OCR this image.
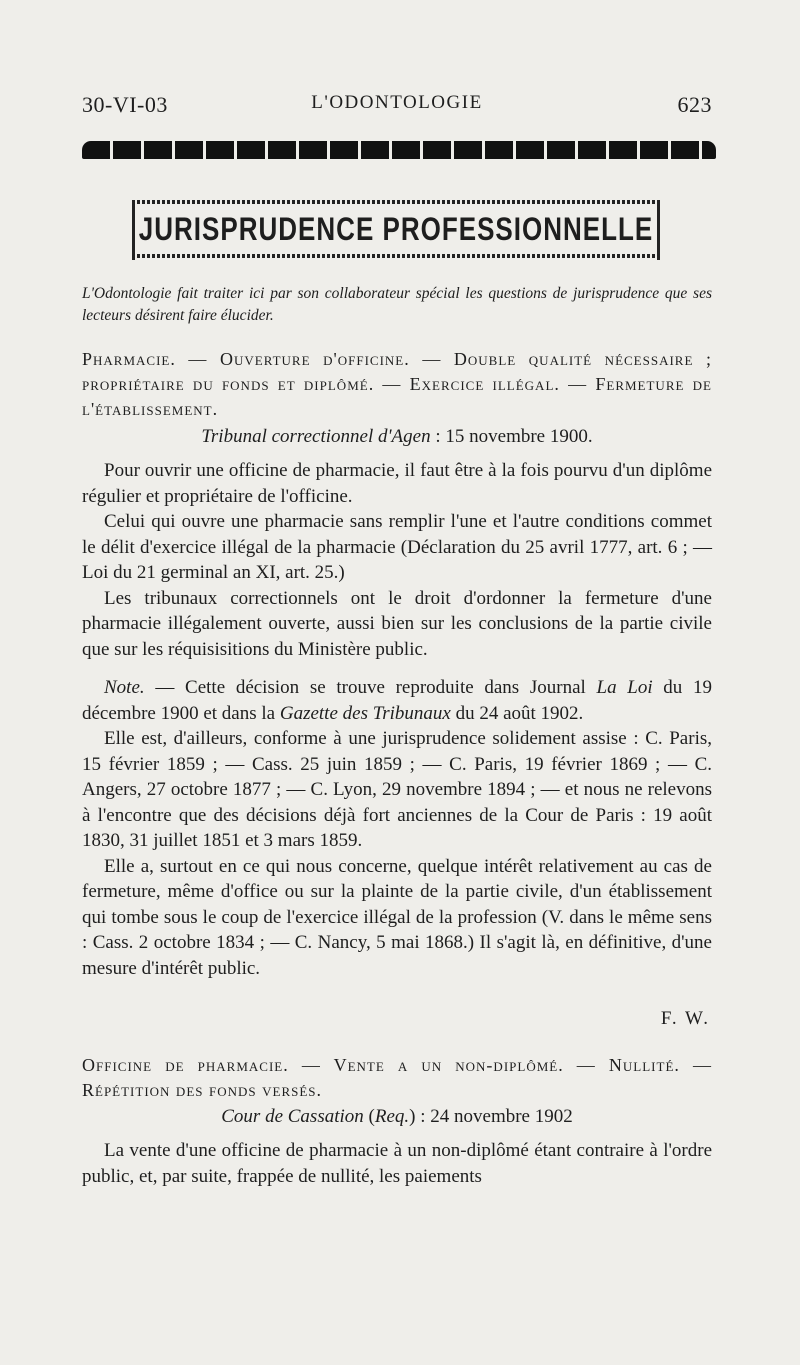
30-VI-03	L'ODONTOLOGIE	623
JURISPRUDENCE PROFESSIONNELLE
L'Odontologie fait traiter ici par son collaborateur spécial les questions de jurisprudence que ses lecteurs désirent faire élucider.
Pharmacie. — Ouverture d'officine. — Double qualité nécessaire ; propriétaire du fonds et diplômé. — Exercice illégal. — Fermeture de l'établissement.
Tribunal correctionnel d'Agen : 15 novembre 1900.

Pour ouvrir une officine de pharmacie, il faut être à la fois pourvu d'un diplôme régulier et propriétaire de l'officine.

Celui qui ouvre une pharmacie sans remplir l'une et l'autre conditions commet le délit d'exercice illégal de la pharmacie (Déclaration du 25 avril 1777, art. 6 ; — Loi du 21 germinal an XI, art. 25.)

Les tribunaux correctionnels ont le droit d'ordonner la fermeture d'une pharmacie illégalement ouverte, aussi bien sur les conclusions de la partie civile que sur les réquisisitions du Ministère public.

Note. — Cette décision se trouve reproduite dans Journal La Loi du 19 décembre 1900 et dans la Gazette des Tribunaux du 24 août 1902.

Elle est, d'ailleurs, conforme à une jurisprudence solidement assise : C. Paris, 15 février 1859 ; — Cass. 25 juin 1859 ; — C. Paris, 19 février 1869 ; — C. Angers, 27 octobre 1877 ; — C. Lyon, 29 novembre 1894 ; — et nous ne relevons à l'encontre que des décisions déjà fort anciennes de la Cour de Paris : 19 août 1830, 31 juillet 1851 et 3 mars 1859.

Elle a, surtout en ce qui nous concerne, quelque intérêt relativement au cas de fermeture, même d'office ou sur la plainte de la partie civile, d'un établissement qui tombe sous le coup de l'exercice illégal de la profession (V. dans le même sens : Cass. 2 octobre 1834 ; — C. Nancy, 5 mai 1868.) Il s'agit là, en définitive, d'une mesure d'intérêt public.

F. W.
Officine de pharmacie. — Vente a un non-diplômé. — Nullité. — Répétition des fonds versés.
Cour de Cassation (Req.) : 24 novembre 1902

La vente d'une officine de pharmacie à un non-diplômé étant contraire à l'ordre public, et, par suite, frappée de nullité, les paiements
